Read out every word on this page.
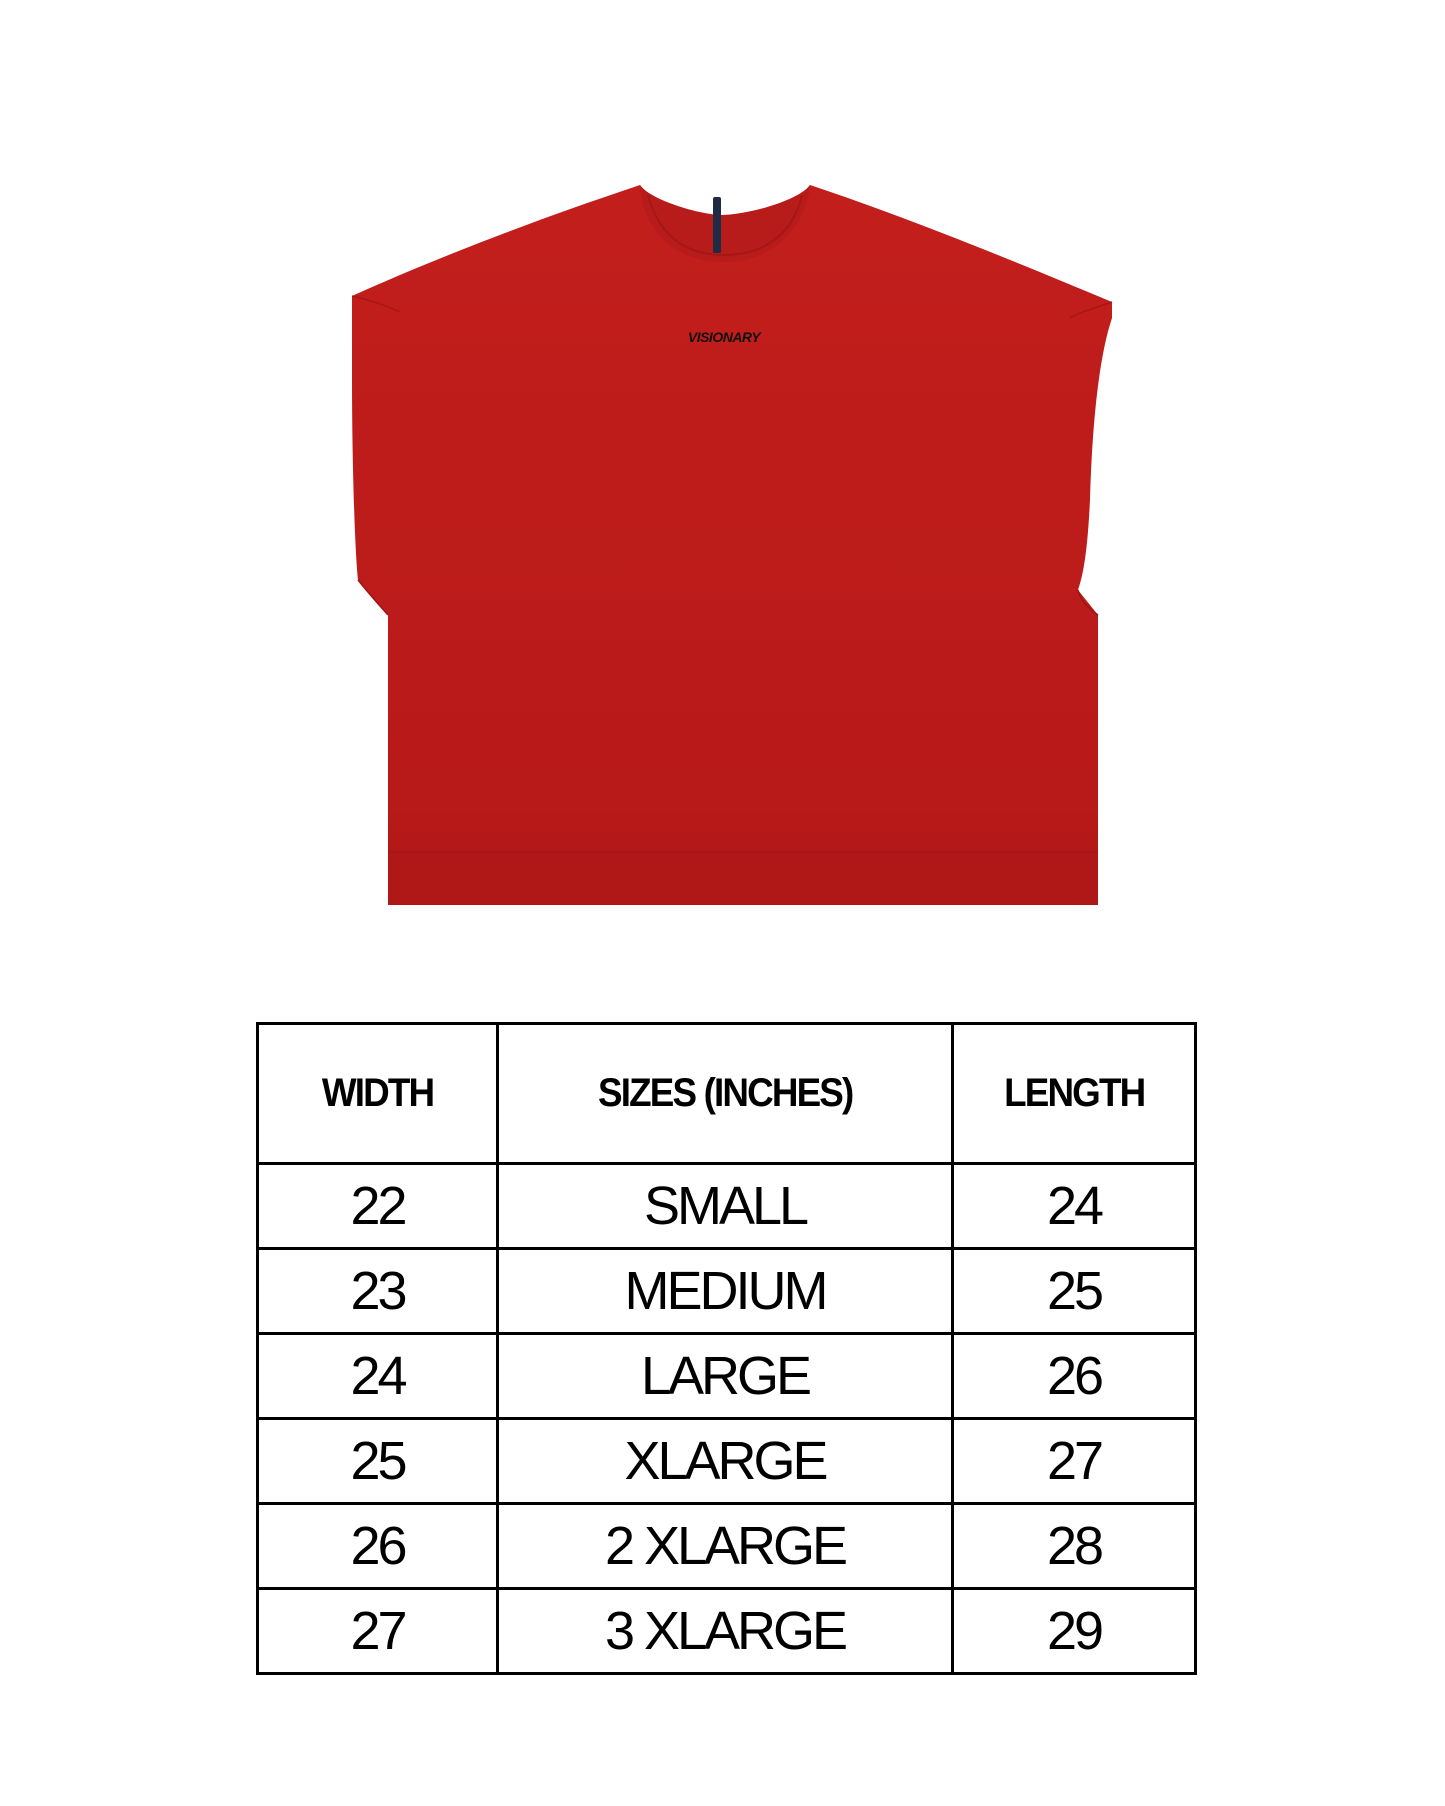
VISIONARY
WIDTH	SIZES (INCHES)	LENGTH
22	SMALL	24
23	MEDIUM	25
24	LARGE	26
25	XLARGE	27
26	2 XLARGE	28
27	3 XLARGE	29
